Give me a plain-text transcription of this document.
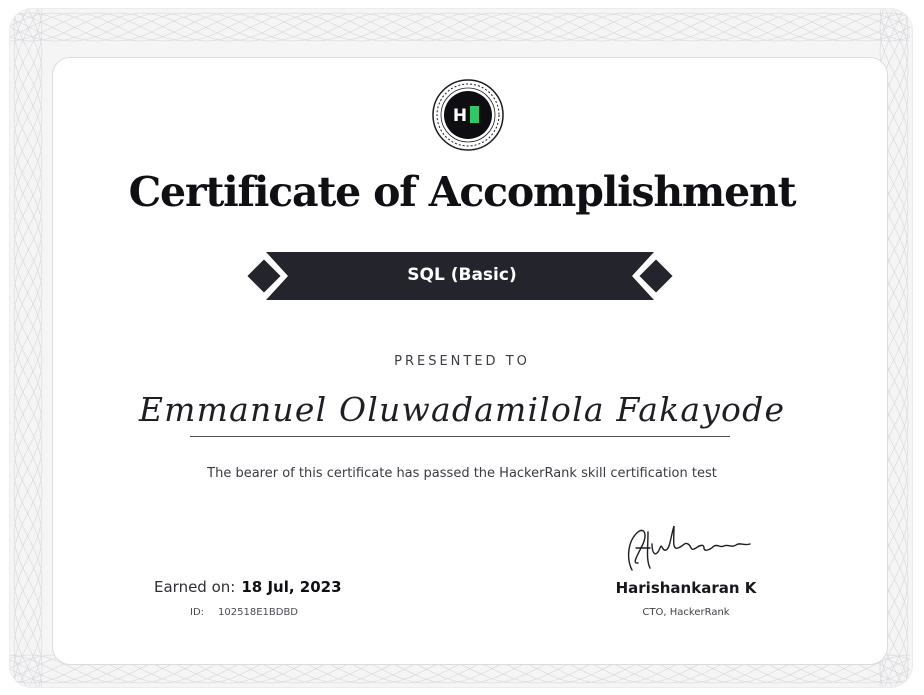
H
Certificate of Accomplishment
SQL (Basic)
PRESENTED TO
Emmanuel Oluwadamilola Fakayode
The bearer of this certificate has passed the HackerRank skill certification test
Earned on: 18 Jul, 2023
ID: 102518E1BDBD
Harishankaran K
CTO, HackerRank
